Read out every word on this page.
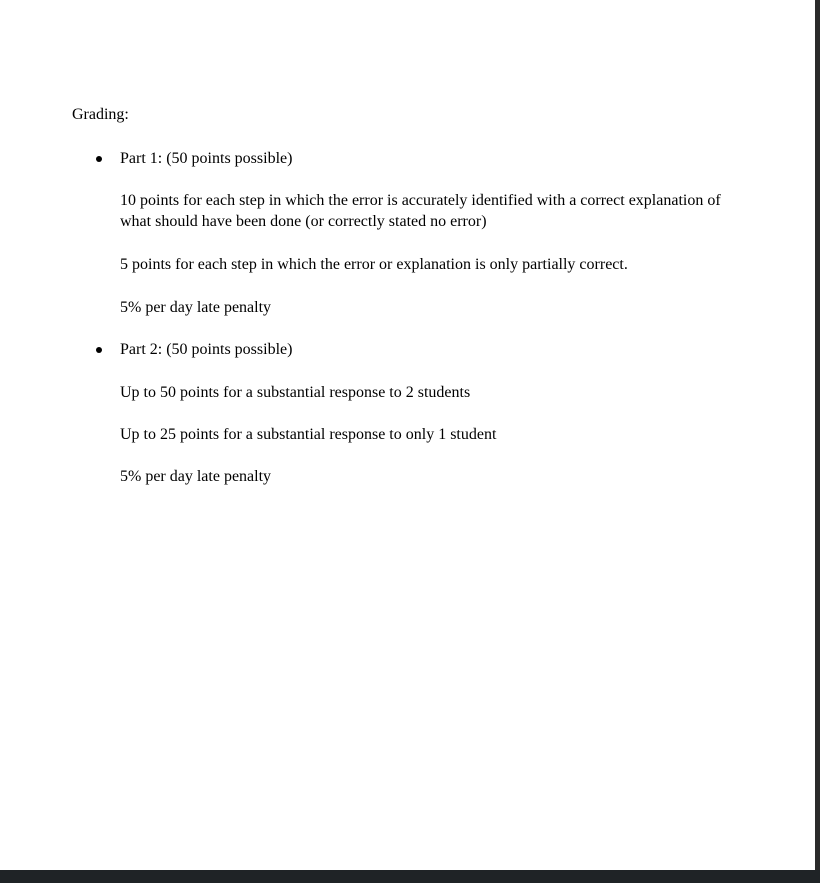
Grading:
Part 1: (50 points possible)
10 points for each step in which the error is accurately identified with a correct explanation of what should have been done (or correctly stated no error)
5 points for each step in which the error or explanation is only partially correct.
5% per day late penalty
Part 2: (50 points possible)
Up to 50 points for a substantial response to 2 students
Up to 25 points for a substantial response to only 1 student
5% per day late penalty
